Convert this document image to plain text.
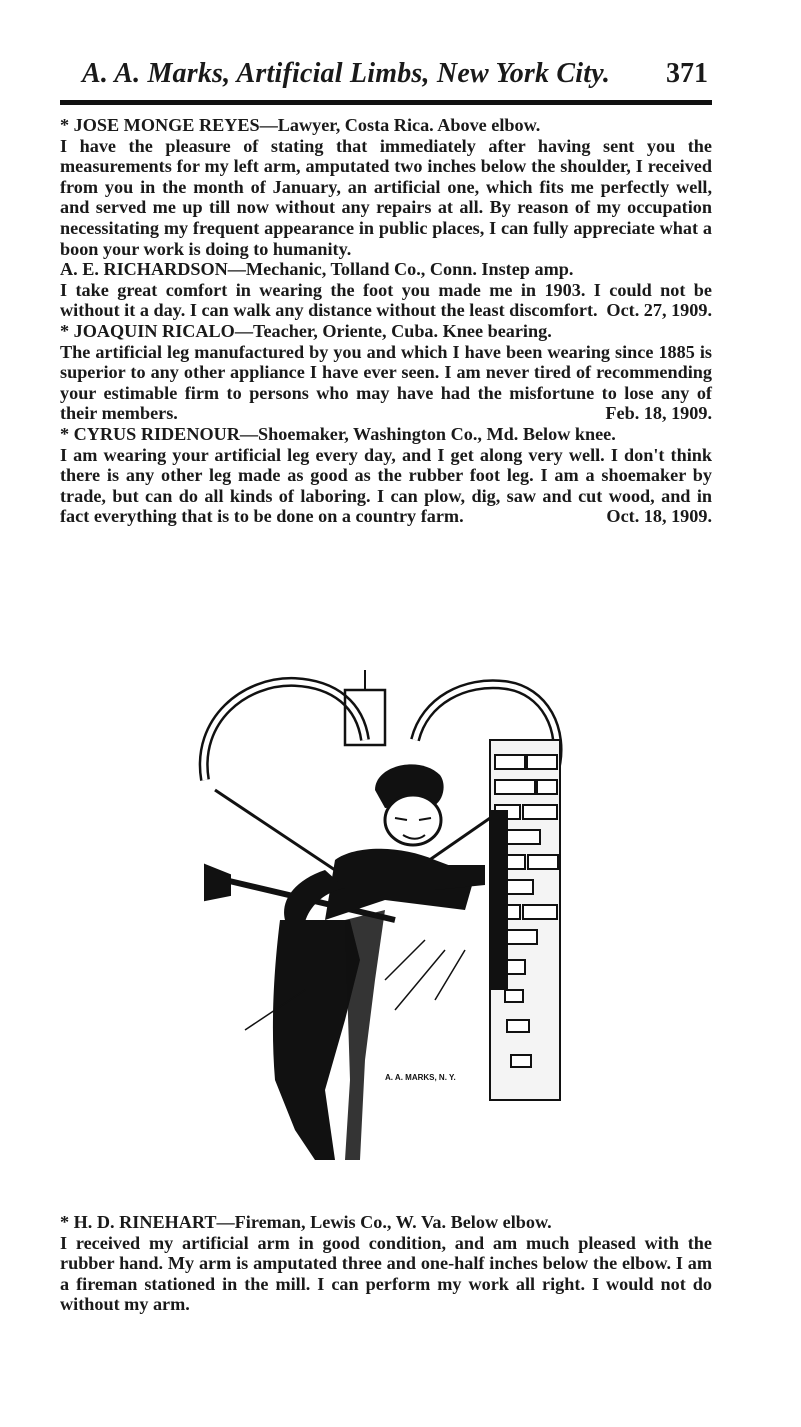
A. A. Marks, Artificial Limbs, New York City.	371

* JOSE MONGE REYES—Lawyer, Costa Rica. Above elbow.

I have the pleasure of stating that immediately after having sent you the measurements for my left arm, amputated two inches below the shoulder, I received from you in the month of January, an artificial one, which fits me perfectly well, and served me up till now without any repairs at all. By reason of my occupation necessitating my frequent appearance in public places, I can fully appreciate what a boon your work is doing to humanity.

A. E. RICHARDSON—Mechanic, Tolland Co., Conn. Instep amp.

I take great comfort in wearing the foot you made me in 1903. I could not be without it a day. I can walk any distance without the least discomfort. Oct. 27, 1909.

* JOAQUIN RICALO—Teacher, Oriente, Cuba. Knee bearing.

The artificial leg manufactured by you and which I have been wearing since 1885 is superior to any other appliance I have ever seen. I am never tired of recommending your estimable firm to persons who may have had the misfortune to lose any of their members.	Feb. 18, 1909.

* CYRUS RIDENOUR—Shoemaker, Washington Co., Md. Below knee.

I am wearing your artificial leg every day, and I get along very well. I don't think there is any other leg made as good as the rubber foot leg. I am a shoemaker by trade, but can do all kinds of laboring. I can plow, dig, saw and cut wood, and in fact everything that is to be done on a country farm.	Oct. 18, 1909.

A. A. MARKS, N. Y.

* H. D. RINEHART—Fireman, Lewis Co., W. Va. Below elbow.

I received my artificial arm in good condition, and am much pleased with the rubber hand. My arm is amputated three and one-half inches below the elbow. I am a fireman stationed in the mill. I can perform my work all right. I would not do without my arm.
